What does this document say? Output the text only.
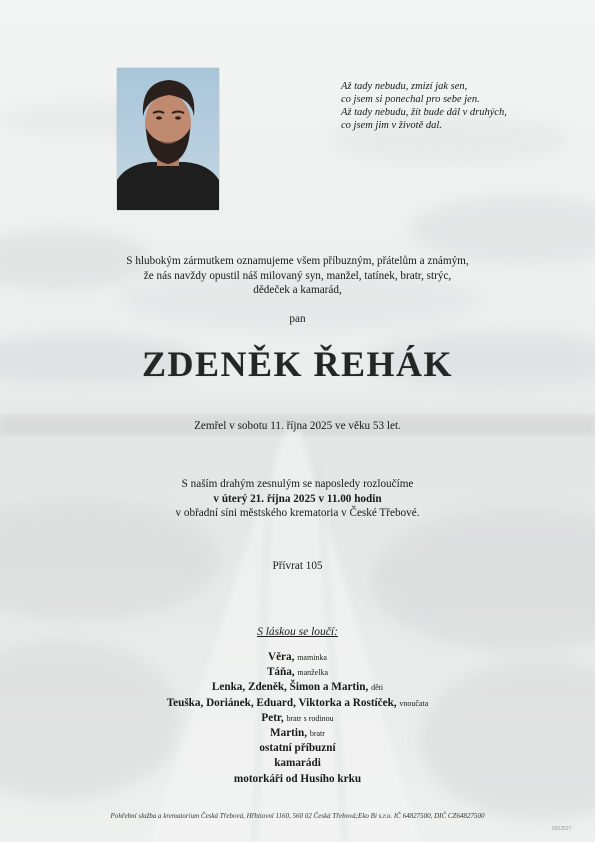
Až tady nebudu, zmizí jak sen,
co jsem si ponechal pro sebe jen.
Až tady nebudu, žít bude dál v druhých,
co jsem jim v životě dal.
S hlubokým zármutkem oznamujeme všem příbuzným, přátelům a známým,
že nás navždy opustil náš milovaný syn, manžel, tatínek, bratr, strýc,
dědeček a kamarád,
pan
ZDENĚK ŘEHÁK
Zemřel v sobotu 11. října 2025 ve věku 53 let.
S naším drahým zesnulým se naposledy rozloučíme
v úterý 21. října 2025 v 11.00 hodin
v obřadní síni městského krematoria v České Třebové.
Přívrat 105
S láskou se loučí:
Věra, maminka
Táňa, manželka
Lenka, Zdeněk, Šimon a Martin, děti
Teuška, Doriánek, Eduard, Viktorka a Rostíček, vnoučata
Petr, bratr s rodinou
Martin, bratr
ostatní příbuzní
kamarádi
motorkáři od Husího krku
Pohřební služba a krematorium Česká Třebová, Hřbitovní 1160, 560 02 Česká Třebová;Eko Bi s.r.o. IČ 64827500, DIČ CZ64827500
0252527
